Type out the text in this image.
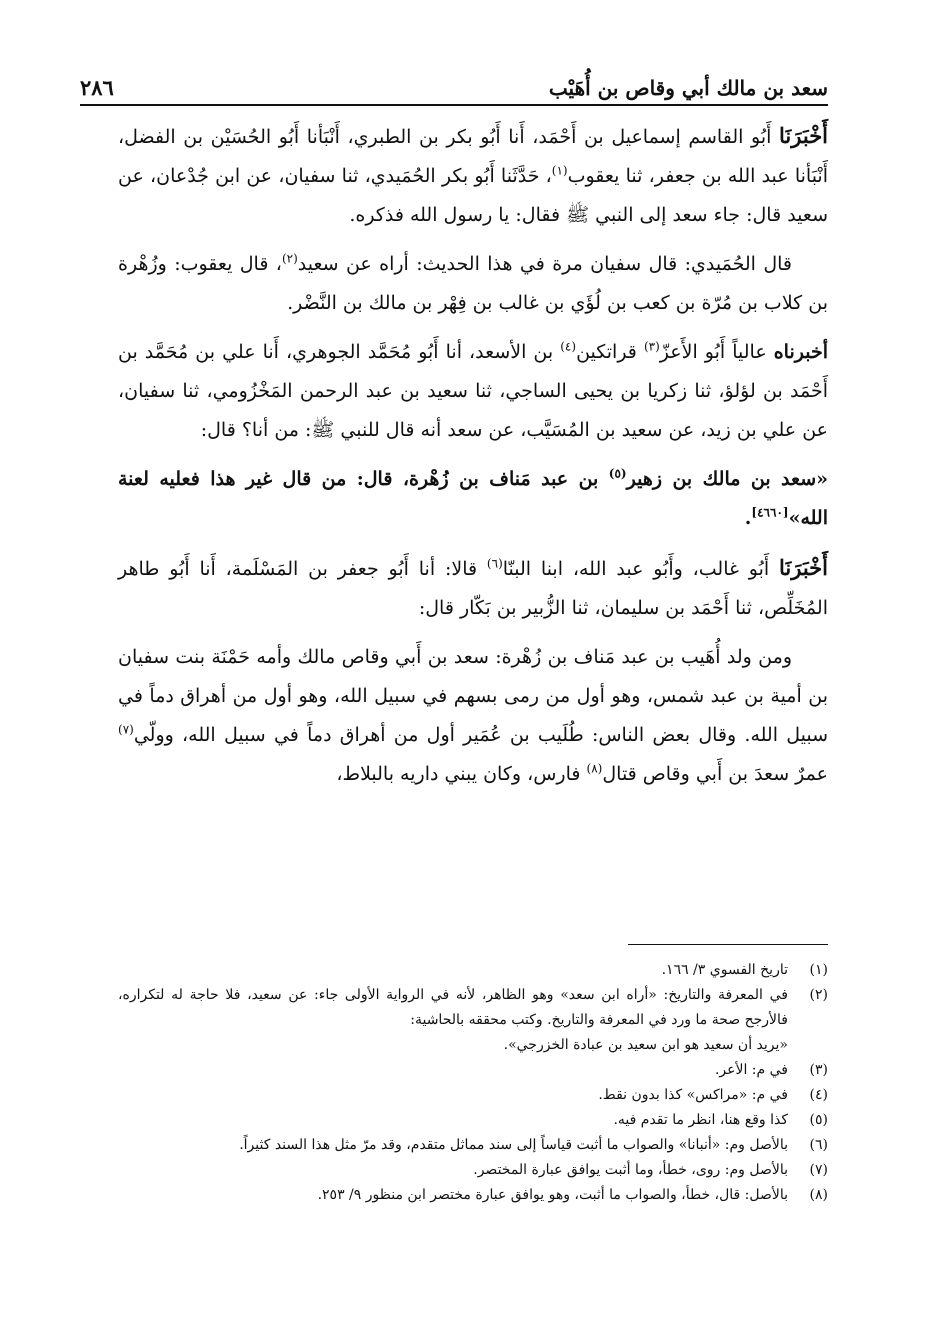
سعد بن مالك أبي وقاص بن أُهَيْب
٢٨٦

أَخْبَرَنَا أَبُو القاسم إسماعيل بن أَحْمَد، أَنا أَبُو بكر بن الطبري، أَنْبَأنا أَبُو الحُسَيْن بن الفضل، أَنْبَأنا عبد الله بن جعفر، ثنا يعقوب$^{(١)}$، حَدَّثَنا أَبُو بكر الحُمَيدي، ثنا سفيان، عن ابن جُدْعان، عن سعيد قال: جاء سعد إلى النبي ﷺ فقال: يا رسول الله فذكره.

قال الحُمَيدي: قال سفيان مرة في هذا الحديث: أراه عن سعيد$^{(٢)}$، قال يعقوب: وزُهْرة بن كلاب بن مُرّة بن كعب بن لُؤَي بن غالب بن فِهْر بن مالك بن النَّضْر.

أخبرناه عالياً أَبُو الأَعزّ$^{(٣)}$ قراتكين$^{(٤)}$ بن الأسعد، أنا أَبُو مُحَمَّد الجوهري، أَنا علي بن مُحَمَّد بن أَحْمَد بن لؤلؤ، ثنا زكريا بن يحيى الساجي، ثنا سعيد بن عبد الرحمن المَخْزُومي، ثنا سفيان، عن علي بن زيد، عن سعيد بن المُسَيَّب، عن سعد أنه قال للنبي ﷺ: من أنا؟ قال:

«سعد بن مالك بن زهير$^{(٥)}$ بن عبد مَناف بن زُهْرة، قال: من قال غير هذا فعليه لعنة الله»[٤٦٦٠].

أَخْبَرَنَا أَبُو غالب، وأَبُو عبد الله، ابنا البنّا$^{(٦)}$ قالا: أنا أَبُو جعفر بن المَسْلَمة، أَنا أَبُو طاهر المُخَلِّص، ثنا أَحْمَد بن سليمان، ثنا الزُّبير بن بَكّار قال:

ومن ولد أُهَيب بن عبد مَناف بن زُهْرة: سعد بن أَبي وقاص مالك وأمه حَمْنَة بنت سفيان بن أمية بن عبد شمس، وهو أول من رمى بسهم في سبيل الله، وهو أول من أهراق دماً في سبيل الله. وقال بعض الناس: طُلَيب بن عُمَير أول من أهراق دماً في سبيل الله، وولّي$^{(٧)}$ عمرٌ سعدَ بن أَبي وقاص قتال$^{(٨)}$ فارس، وكان يبني داريه بالبلاط،

(١)
تاريخ الفسوي ٣/ ١٦٦.
(٢)
في المعرفة والتاريخ: «أراه ابن سعد» وهو الظاهر، لأنه في الرواية الأولى جاء: عن سعيد، فلا حاجة له لتكراره، فالأرجح صحة ما ورد في المعرفة والتاريخ. وكتب محققه بالحاشية:
«يريد أن سعيد هو ابن سعيد بن عبادة الخزرجي».
(٣)
في م: الأعر.
(٤)
في م: «مراكس» كذا بدون نقط.
(٥)
كذا وقع هنا، انظر ما تقدم فيه.
(٦)
بالأصل وم: «أنبانا» والصواب ما أثبت قياساً إلى سند مماثل متقدم، وقد مرّ مثل هذا السند كثيراً.
(٧)
بالأصل وم: روى، خطأ، وما أثبت يوافق عبارة المختصر.
(٨)
بالأصل: قال، خطأ، والصواب ما أثبت، وهو يوافق عبارة مختصر ابن منظور ٩/ ٢٥٣.
